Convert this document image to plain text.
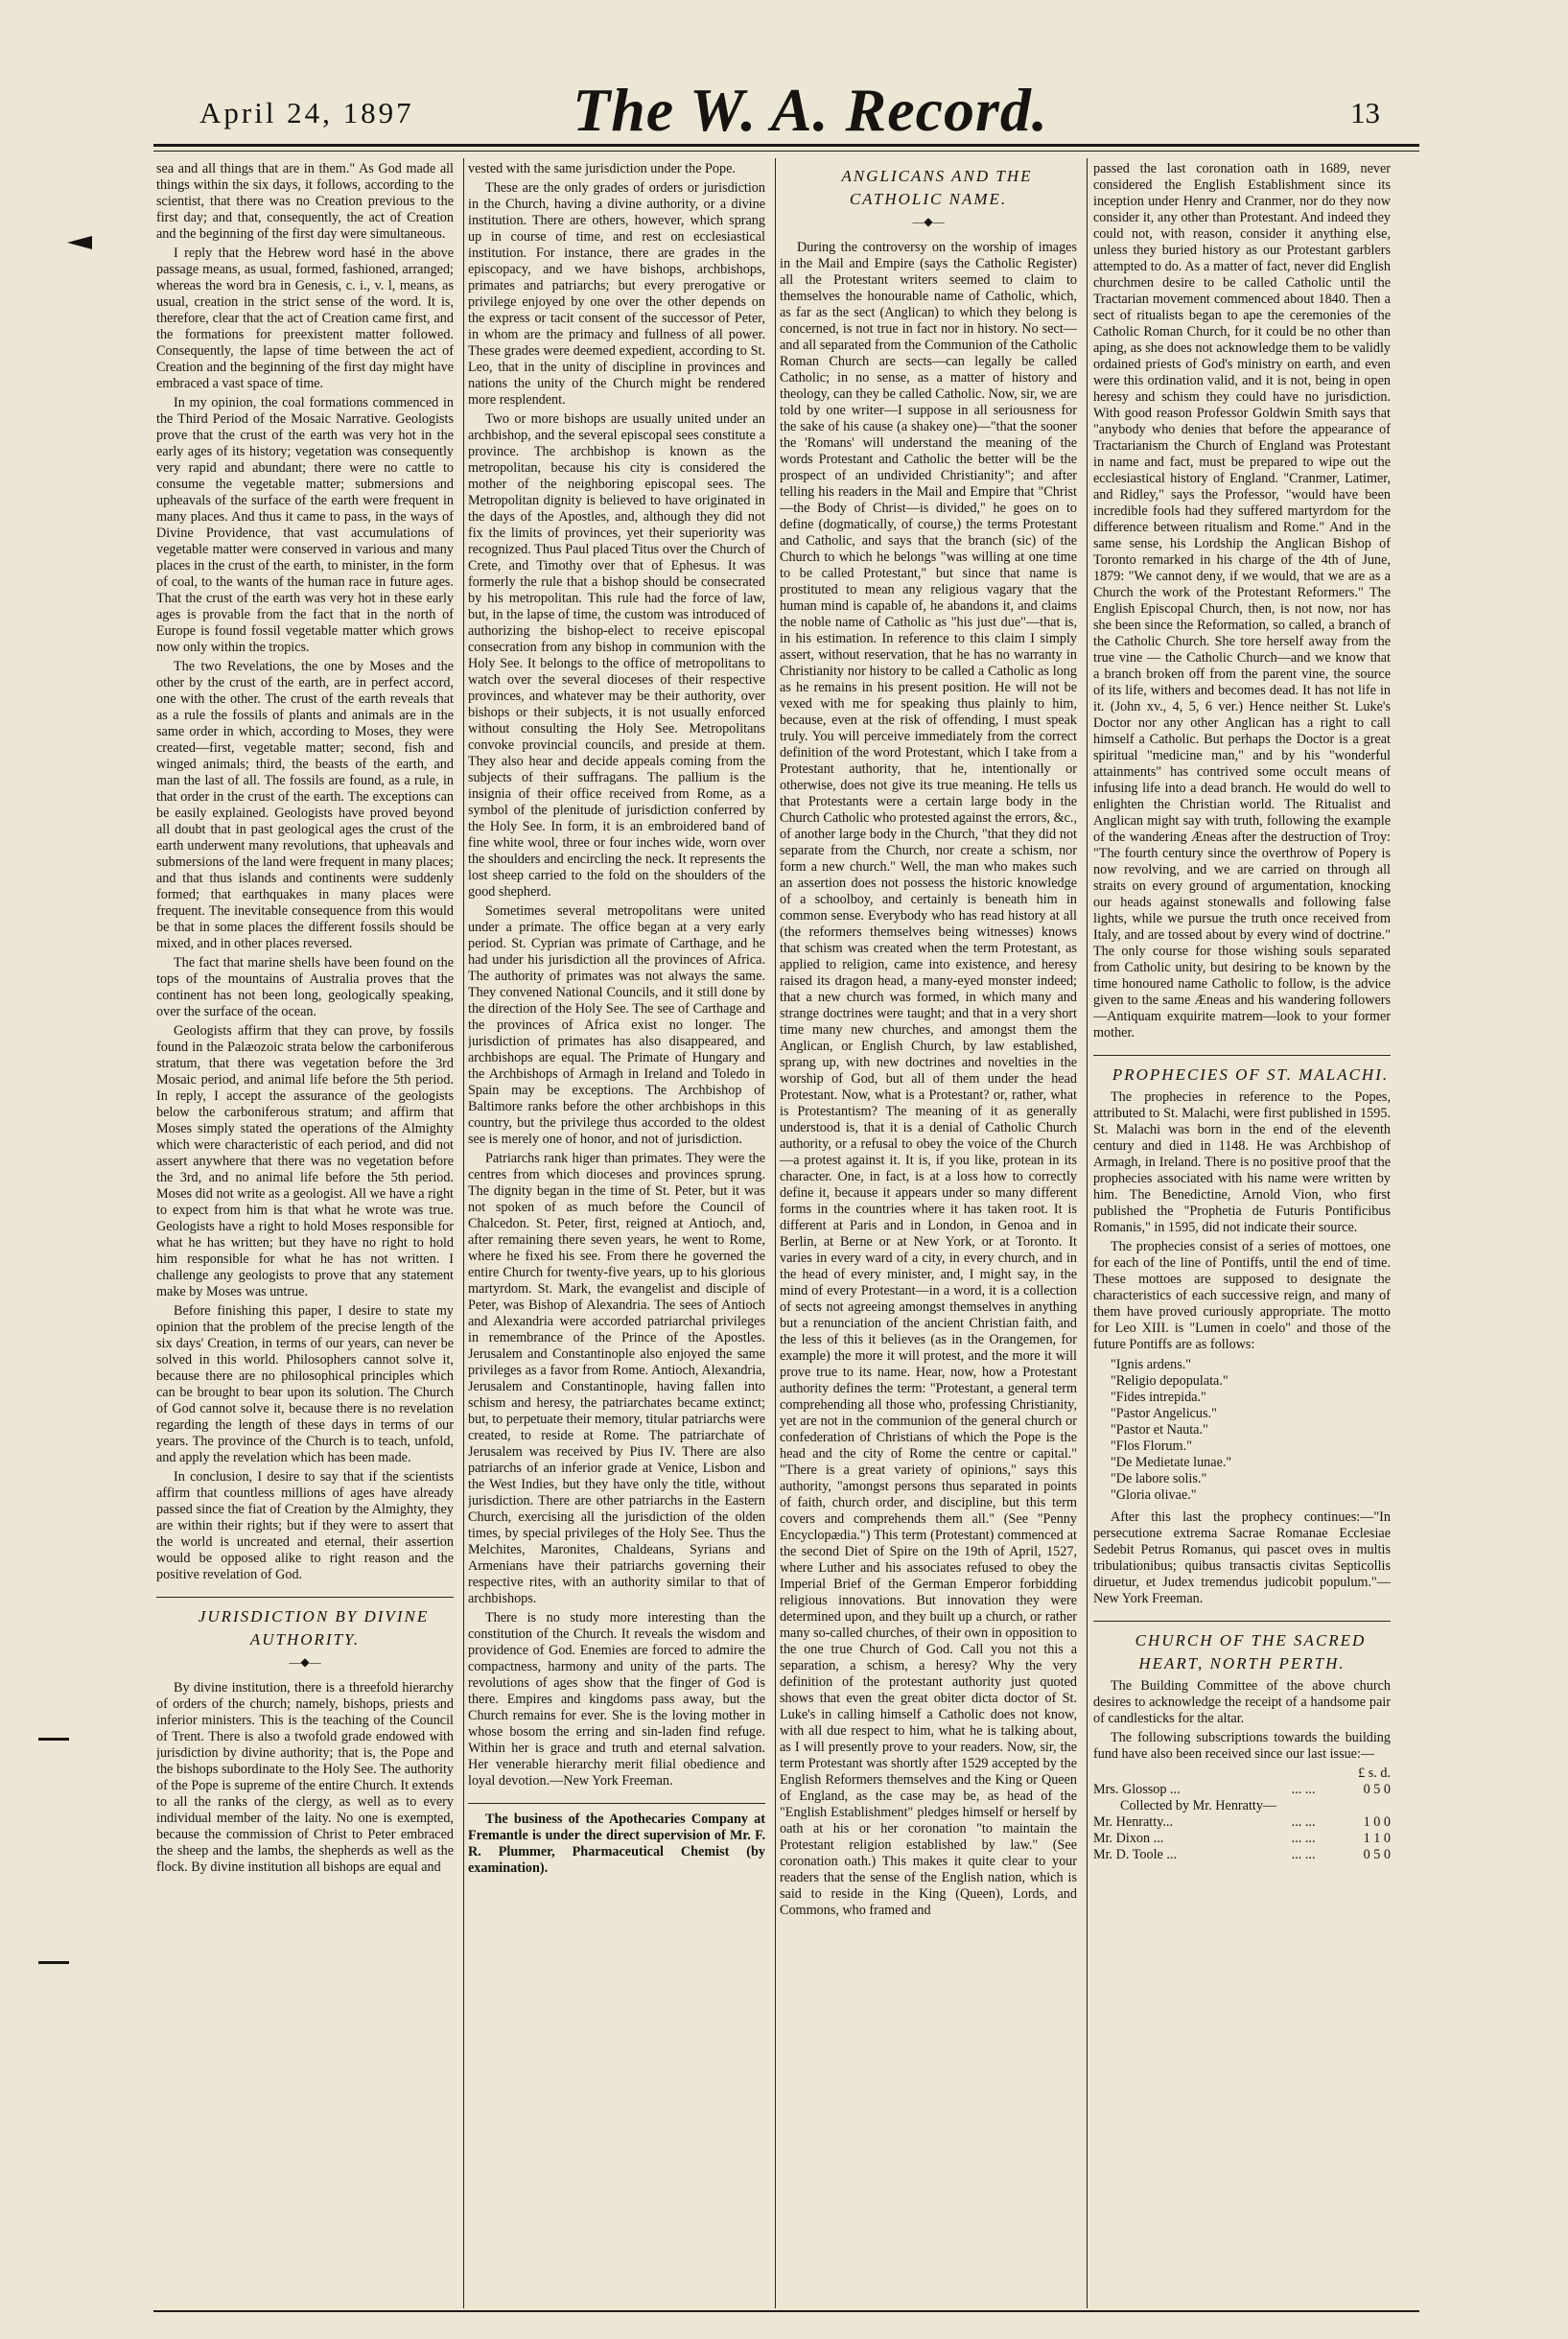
April 24, 1897	The W. A. Record.	13

sea and all things that are in them." As God made all things within the six days, it follows, according to the scientist, that there was no Creation previous to the first day; and that, consequently, the act of Creation and the beginning of the first day were simultaneous.

I reply that the Hebrew word hasé in the above passage means, as usual, formed, fashioned, arranged; whereas the word bra in Genesis, c. i., v. l, means, as usual, creation in the strict sense of the word. It is, therefore, clear that the act of Creation came first, and the formations for preexistent matter followed. Consequently, the lapse of time between the act of Creation and the beginning of the first day might have embraced a vast space of time.

In my opinion, the coal formations commenced in the Third Period of the Mosaic Narrative. Geologists prove that the crust of the earth was very hot in the early ages of its history; vegetation was consequently very rapid and abundant; there were no cattle to consume the vegetable matter; submersions and upheavals of the surface of the earth were frequent in many places. And thus it came to pass, in the ways of Divine Providence, that vast accumulations of vegetable matter were conserved in various and many places in the crust of the earth, to minister, in the form of coal, to the wants of the human race in future ages. That the crust of the earth was very hot in these early ages is provable from the fact that in the north of Europe is found fossil vegetable matter which grows now only within the tropics.

The two Revelations, the one by Moses and the other by the crust of the earth, are in perfect accord, one with the other. The crust of the earth reveals that as a rule the fossils of plants and animals are in the same order in which, according to Moses, they were created—first, vegetable matter; second, fish and winged animals; third, the beasts of the earth, and man the last of all. The fossils are found, as a rule, in that order in the crust of the earth. The exceptions can be easily explained. Geologists have proved beyond all doubt that in past geological ages the crust of the earth underwent many revolutions, that upheavals and submersions of the land were frequent in many places; and that thus islands and continents were suddenly formed; that earthquakes in many places were frequent. The inevitable consequence from this would be that in some places the different fossils should be mixed, and in other places reversed.

The fact that marine shells have been found on the tops of the mountains of Australia proves that the continent has not been long, geologically speaking, over the surface of the ocean.

Geologists affirm that they can prove, by fossils found in the Palæozoic strata below the carboniferous stratum, that there was vegetation before the 3rd Mosaic period, and animal life before the 5th period. In reply, I accept the assurance of the geologists below the carboniferous stratum; and affirm that Moses simply stated the operations of the Almighty which were characteristic of each period, and did not assert anywhere that there was no vegetation before the 3rd, and no animal life before the 5th period. Moses did not write as a geologist. All we have a right to expect from him is that what he wrote was true. Geologists have a right to hold Moses responsible for what he has written; but they have no right to hold him responsible for what he has not written. I challenge any geologists to prove that any statement make by Moses was untrue.

Before finishing this paper, I desire to state my opinion that the problem of the precise length of the six days' Creation, in terms of our years, can never be solved in this world. Philosophers cannot solve it, because there are no philosophical principles which can be brought to bear upon its solution. The Church of God cannot solve it, because there is no revelation regarding the length of these days in terms of our years. The province of the Church is to teach, unfold, and apply the revelation which has been made.

In conclusion, I desire to say that if the scientists affirm that countless millions of ages have already passed since the fiat of Creation by the Almighty, they are within their rights; but if they were to assert that the world is uncreated and eternal, their assertion would be opposed alike to right reason and the positive revelation of God.

JURISDICTION BY DIVINE AUTHORITY.

—◆—

By divine institution, there is a threefold hierarchy of orders of the church; namely, bishops, priests and inferior ministers. This is the teaching of the Council of Trent. There is also a twofold grade endowed with jurisdiction by divine authority; that is, the Pope and the bishops subordinate to the Holy See. The authority of the Pope is supreme of the entire Church. It extends to all the ranks of the clergy, as well as to every individual member of the laity. No one is exempted, because the commission of Christ to Peter embraced the sheep and the lambs, the shepherds as well as the flock. By divine institution all bishops are equal and

vested with the same jurisdiction under the Pope.

These are the only grades of orders or jurisdiction in the Church, having a divine authority, or a divine institution. There are others, however, which sprang up in course of time, and rest on ecclesiastical institution. For instance, there are grades in the episcopacy, and we have bishops, archbishops, primates and patriarchs; but every prerogative or privilege enjoyed by one over the other depends on the express or tacit consent of the successor of Peter, in whom are the primacy and fullness of all power. These grades were deemed expedient, according to St. Leo, that in the unity of discipline in provinces and nations the unity of the Church might be rendered more resplendent.

Two or more bishops are usually united under an archbishop, and the several episcopal sees constitute a province. The archbishop is known as the metropolitan, because his city is considered the mother of the neighboring episcopal sees. The Metropolitan dignity is believed to have originated in the days of the Apostles, and, although they did not fix the limits of provinces, yet their superiority was recognized. Thus Paul placed Titus over the Church of Crete, and Timothy over that of Ephesus. It was formerly the rule that a bishop should be consecrated by his metropolitan. This rule had the force of law, but, in the lapse of time, the custom was introduced of authorizing the bishop-elect to receive episcopal consecration from any bishop in communion with the Holy See. It belongs to the office of metropolitans to watch over the several dioceses of their respective provinces, and whatever may be their authority, over bishops or their subjects, it is not usually enforced without consulting the Holy See. Metropolitans convoke provincial councils, and preside at them. They also hear and decide appeals coming from the subjects of their suffragans. The pallium is the insignia of their office received from Rome, as a symbol of the plenitude of jurisdiction conferred by the Holy See. In form, it is an embroidered band of fine white wool, three or four inches wide, worn over the shoulders and encircling the neck. It represents the lost sheep carried to the fold on the shoulders of the good shepherd.

Sometimes several metropolitans were united under a primate. The office began at a very early period. St. Cyprian was primate of Carthage, and he had under his jurisdiction all the provinces of Africa. The authority of primates was not always the same. They convened National Councils, and it still done by the direction of the Holy See. The see of Carthage and the provinces of Africa exist no longer. The jurisdiction of primates has also disappeared, and archbishops are equal. The Primate of Hungary and the Archbishops of Armagh in Ireland and Toledo in Spain may be exceptions. The Archbishop of Baltimore ranks before the other archbishops in this country, but the privilege thus accorded to the oldest see is merely one of honor, and not of jurisdiction.

Patriarchs rank higer than primates. They were the centres from which dioceses and provinces sprung. The dignity began in the time of St. Peter, but it was not spoken of as much before the Council of Chalcedon. St. Peter, first, reigned at Antioch, and, after remaining there seven years, he went to Rome, where he fixed his see. From there he governed the entire Church for twenty-five years, up to his glorious martyrdom. St. Mark, the evangelist and disciple of Peter, was Bishop of Alexandria. The sees of Antioch and Alexandria were accorded patriarchal privileges in remembrance of the Prince of the Apostles. Jerusalem and Constantinople also enjoyed the same privileges as a favor from Rome. Antioch, Alexandria, Jerusalem and Constantinople, having fallen into schism and heresy, the patriarchates became extinct; but, to perpetuate their memory, titular patriarchs were created, to reside at Rome. The patriarchate of Jerusalem was received by Pius IV. There are also patriarchs of an inferior grade at Venice, Lisbon and the West Indies, but they have only the title, without jurisdiction. There are other patriarchs in the Eastern Church, exercising all the jurisdiction of the olden times, by special privileges of the Holy See. Thus the Melchites, Maronites, Chaldeans, Syrians and Armenians have their patriarchs governing their respective rites, with an authority similar to that of archbishops.

There is no study more interesting than the constitution of the Church. It reveals the wisdom and providence of God. Enemies are forced to admire the compactness, harmony and unity of the parts. The revolutions of ages show that the finger of God is there. Empires and kingdoms pass away, but the Church remains for ever. She is the loving mother in whose bosom the erring and sin-laden find refuge. Within her is grace and truth and eternal salvation. Her venerable hierarchy merit filial obedience and loyal devotion.—New York Freeman.

The business of the Apothecaries Company at Fremantle is under the direct supervision of Mr. F. R. Plummer, Pharmaceutical Chemist (by examination).

ANGLICANS AND THE CATHOLIC NAME.

—◆—

During the controversy on the worship of images in the Mail and Empire (says the Catholic Register) all the Protestant writers seemed to claim to themselves the honourable name of Catholic, which, as far as the sect (Anglican) to which they belong is concerned, is not true in fact nor in history. No sect—and all separated from the Communion of the Catholic Roman Church are sects—can legally be called Catholic; in no sense, as a matter of history and theology, can they be called Catholic. Now, sir, we are told by one writer—I suppose in all seriousness for the sake of his cause (a shakey one)—"that the sooner the 'Romans' will understand the meaning of the words Protestant and Catholic the better will be the prospect of an undivided Christianity"; and after telling his readers in the Mail and Empire that "Christ—the Body of Christ—is divided," he goes on to define (dogmatically, of course,) the terms Protestant and Catholic, and says that the branch (sic) of the Church to which he belongs "was willing at one time to be called Protestant," but since that name is prostituted to mean any religious vagary that the human mind is capable of, he abandons it, and claims the noble name of Catholic as "his just due"—that is, in his estimation. In reference to this claim I simply assert, without reservation, that he has no warranty in Christianity nor history to be called a Catholic as long as he remains in his present position. He will not be vexed with me for speaking thus plainly to him, because, even at the risk of offending, I must speak truly. You will perceive immediately from the correct definition of the word Protestant, which I take from a Protestant authority, that he, intentionally or otherwise, does not give its true meaning. He tells us that Protestants were a certain large body in the Church Catholic who protested against the errors, &c., of another large body in the Church, "that they did not separate from the Church, nor create a schism, nor form a new church." Well, the man who makes such an assertion does not possess the historic knowledge of a schoolboy, and certainly is beneath him in common sense. Everybody who has read history at all (the reformers themselves being witnesses) knows that schism was created when the term Protestant, as applied to religion, came into existence, and heresy raised its dragon head, a many-eyed monster indeed; that a new church was formed, in which many and strange doctrines were taught; and that in a very short time many new churches, and amongst them the Anglican, or English Church, by law established, sprang up, with new doctrines and novelties in the worship of God, but all of them under the head Protestant. Now, what is a Protestant? or, rather, what is Protestantism? The meaning of it as generally understood is, that it is a denial of Catholic Church authority, or a refusal to obey the voice of the Church—a protest against it. It is, if you like, protean in its character. One, in fact, is at a loss how to correctly define it, because it appears under so many different forms in the countries where it has taken root. It is different at Paris and in London, in Genoa and in Berlin, at Berne or at New York, or at Toronto. It varies in every ward of a city, in every church, and in the head of every minister, and, I might say, in the mind of every Protestant—in a word, it is a collection of sects not agreeing amongst themselves in anything but a renunciation of the ancient Christian faith, and the less of this it believes (as in the Orangemen, for example) the more it will protest, and the more it will prove true to its name. Hear, now, how a Protestant authority defines the term: "Protestant, a general term comprehending all those who, professing Christianity, yet are not in the communion of the general church or confederation of Christians of which the Pope is the head and the city of Rome the centre or capital." "There is a great variety of opinions," says this authority, "amongst persons thus separated in points of faith, church order, and discipline, but this term covers and comprehends them all." (See "Penny Encyclopædia.") This term (Protestant) commenced at the second Diet of Spire on the 19th of April, 1527, where Luther and his associates refused to obey the Imperial Brief of the German Emperor forbidding religious innovations. But innovation they were determined upon, and they built up a church, or rather many so-called churches, of their own in opposition to the one true Church of God. Call you not this a separation, a schism, a heresy? Why the very definition of the protestant authority just quoted shows that even the great obiter dicta doctor of St. Luke's in calling himself a Catholic does not know, with all due respect to him, what he is talking about, as I will presently prove to your readers. Now, sir, the term Protestant was shortly after 1529 accepted by the English Reformers themselves and the King or Queen of England, as the case may be, as head of the "English Establishment" pledges himself or herself by oath at his or her coronation "to maintain the Protestant religion established by law." (See coronation oath.) This makes it quite clear to your readers that the sense of the English nation, which is said to reside in the King (Queen), Lords, and Commons, who framed and

passed the last coronation oath in 1689, never considered the English Establishment since its inception under Henry and Cranmer, nor do they now consider it, any other than Protestant. And indeed they could not, with reason, consider it anything else, unless they buried history as our Protestant garblers attempted to do. As a matter of fact, never did English churchmen desire to be called Catholic until the Tractarian movement commenced about 1840. Then a sect of ritualists began to ape the ceremonies of the Catholic Roman Church, for it could be no other than aping, as she does not acknowledge them to be validly ordained priests of God's ministry on earth, and even were this ordination valid, and it is not, being in open heresy and schism they could have no jurisdiction. With good reason Professor Goldwin Smith says that "anybody who denies that before the appearance of Tractarianism the Church of England was Protestant in name and fact, must be prepared to wipe out the ecclesiastical history of England. "Cranmer, Latimer, and Ridley," says the Professor, "would have been incredible fools had they suffered martyrdom for the difference between ritualism and Rome." And in the same sense, his Lordship the Anglican Bishop of Toronto remarked in his charge of the 4th of June, 1879: "We cannot deny, if we would, that we are as a Church the work of the Protestant Reformers." The English Episcopal Church, then, is not now, nor has she been since the Reformation, so called, a branch of the Catholic Church. She tore herself away from the true vine — the Catholic Church—and we know that a branch broken off from the parent vine, the source of its life, withers and becomes dead. It has not life in it. (John xv., 4, 5, 6 ver.) Hence neither St. Luke's Doctor nor any other Anglican has a right to call himself a Catholic. But perhaps the Doctor is a great spiritual "medicine man," and by his "wonderful attainments" has contrived some occult means of infusing life into a dead branch. He would do well to enlighten the Christian world. The Ritualist and Anglican might say with truth, following the example of the wandering Æneas after the destruction of Troy: "The fourth century since the overthrow of Popery is now revolving, and we are carried on through all straits on every ground of argumentation, knocking our heads against stonewalls and following false lights, while we pursue the truth once received from Italy, and are tossed about by every wind of doctrine." The only course for those wishing souls separated from Catholic unity, but desiring to be known by the time honoured name Catholic to follow, is the advice given to the same Æneas and his wandering followers—Antiquam exquirite matrem—look to your former mother.

PROPHECIES OF ST. MALACHI.

The prophecies in reference to the Popes, attributed to St. Malachi, were first published in 1595. St. Malachi was born in the end of the eleventh century and died in 1148. He was Archbishop of Armagh, in Ireland. There is no positive proof that the prophecies associated with his name were written by him. The Benedictine, Arnold Vion, who first published the "Prophetia de Futuris Pontificibus Romanis," in 1595, did not indicate their source.

The prophecies consist of a series of mottoes, one for each of the line of Pontiffs, until the end of time. These mottoes are supposed to designate the characteristics of each successive reign, and many of them have proved curiously appropriate. The motto for Leo XIII. is "Lumen in coelo" and those of the future Pontiffs are as follows:

"Ignis ardens."
"Religio depopulata."
"Fides intrepida."
"Pastor Angelicus."
"Pastor et Nauta."
"Flos Florum."
"De Medietate lunae."
"De labore solis."
"Gloria olivae."

After this last the prophecy continues:—"In persecutione extrema Sacrae Romanae Ecclesiae Sedebit Petrus Romanus, qui pascet oves in multis tribulationibus; quibus transactis civitas Septicollis diruetur, et Judex tremendus judicobit populum."—New York Freeman.

CHURCH OF THE SACRED HEART, NORTH PERTH.

The Building Committee of the above church desires to acknowledge the receipt of a handsome pair of candlesticks for the altar.

The following subscriptions towards the building fund have also been received since our last issue:—

		£ s. d.
Mrs. Glossop ...	... ...	0 5 0
Collected by Mr. Henratty—		
Mr. Henratty...	... ...	1 0 0
Mr. Dixon ...	... ...	1 1 0
Mr. D. Toole ...	... ...	0 5 0
